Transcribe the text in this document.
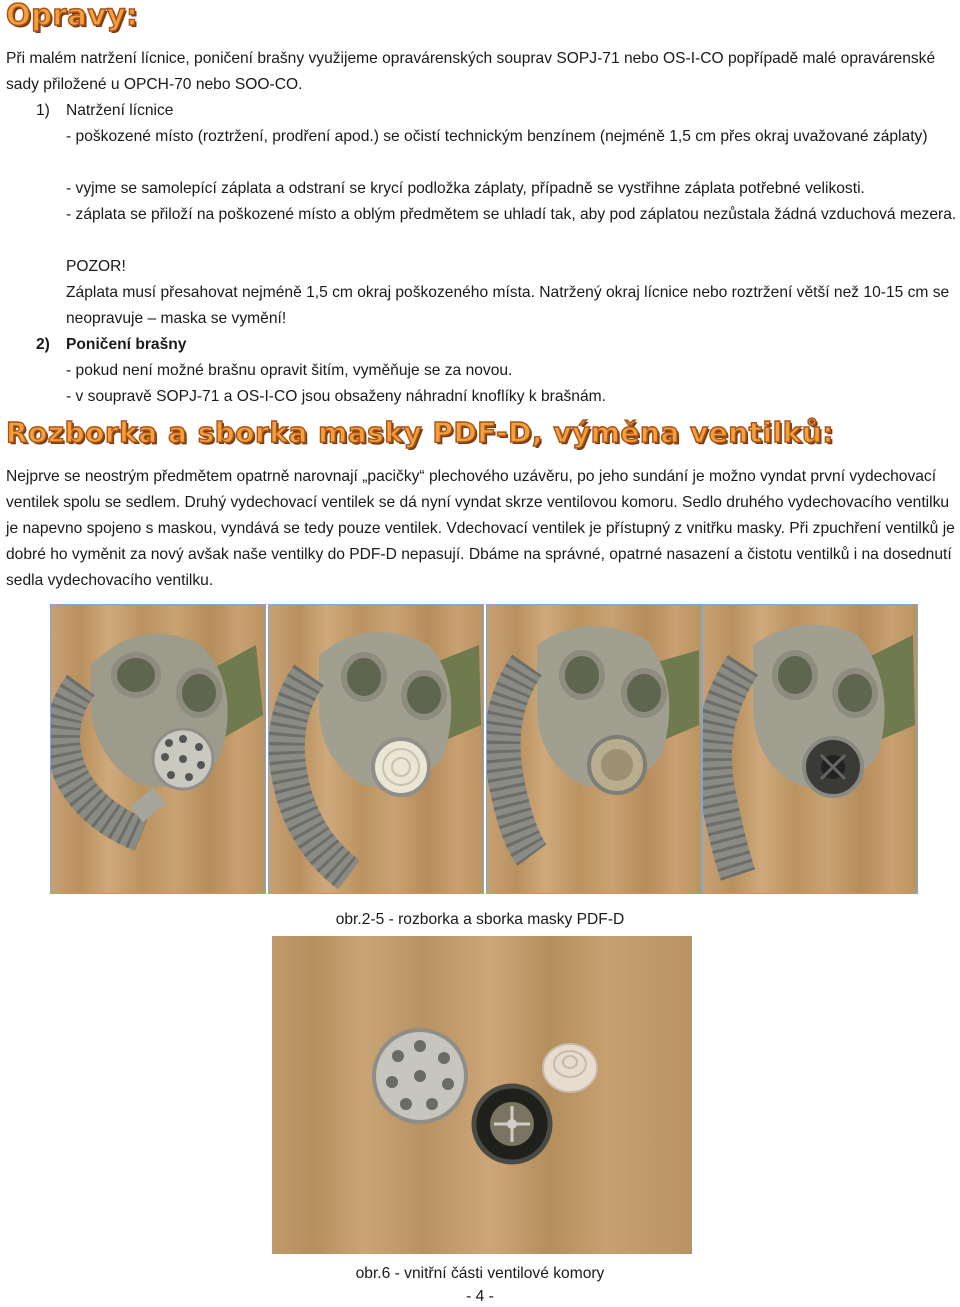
Opravy:
Při malém natržení lícnice, poničení brašny využijeme opravárenských souprav SOPJ-71 nebo OS-I-CO popřípadě malé opravárenské sady přiložené u OPCH-70 nebo SOO-CO.
1) Natržení lícnice
- poškozené místo (roztržení, prodření apod.) se očistí technickým benzínem (nejméně 1,5 cm přes okraj uvažované záplaty)
- vyjme se samolepící záplata a odstraní se krycí podložka záplaty, případně se vystřihne záplata potřebné velikosti.
- záplata se přiloží na poškozené místo a oblým předmětem se uhladí tak, aby pod záplatou nezůstala žádná vzduchová mezera.
POZOR!
Záplata musí přesahovat nejméně 1,5 cm okraj poškozeného místa. Natržený okraj lícnice nebo roztržení větší než 10-15 cm se neopravuje – maska se vymění!
2) Poničení brašny
- pokud není možné brašnu opravit šitím, vyměňuje se za novou.
- v soupravě SOPJ-71 a OS-I-CO jsou obsaženy náhradní knoflíky k brašnám.
Rozborka a sborka masky PDF-D, výměna ventilků:
Nejprve se neostrým předmětem opatrně narovnají „pacičky“ plechového uzávěru, po jeho sundání je možno vyndat první vydechovací ventilek spolu se sedlem. Druhý vydechovací ventilek se dá nyní vyndat skrze ventilovou komoru. Sedlo druhého vydechovacího ventilku je napevno spojeno s maskou, vyndává se tedy pouze ventilek. Vdechovací ventilek je přístupný z vnitřku masky. Při zpuchření ventilků je dobré ho vyměnit za nový avšak naše ventilky do PDF-D nepasují. Dbáme na správné, opatrné nasazení a čistotu ventilků i na dosednutí sedla vydechovacího ventilku.
obr.2-5 - rozborka a sborka masky PDF-D
obr.6 - vnitřní části ventilové komory
- 4 -
